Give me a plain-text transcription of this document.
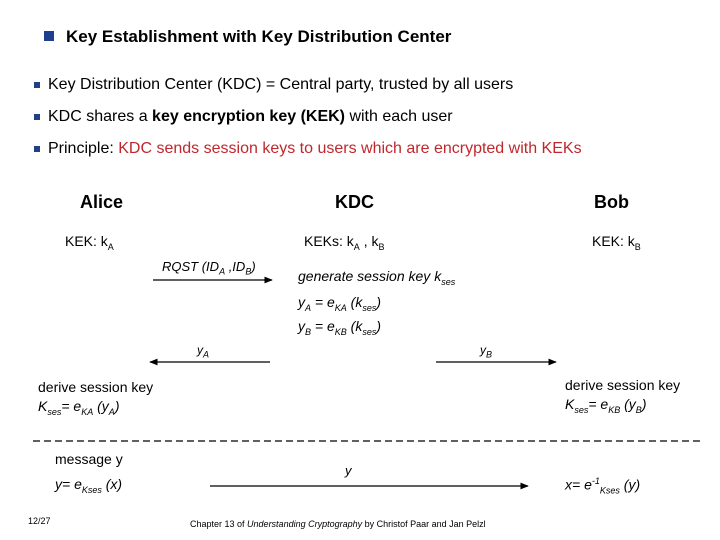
Key Establishment with Key Distribution Center
Key Distribution Center (KDC) = Central party, trusted by all users
KDC shares a key encryption key (KEK) with each user
Principle: KDC sends session keys to users which are encrypted with KEKs
Alice	KDC	Bob
KEK: $k_A$	KEKs: $k_A$ , $k_B$	KEK: $k_B$
RQST ($ID_A$ $,ID_B$)
generate session key $k_{ses}$
$y_A = e_{KA}$ $(k_{ses})$
$y_B = e_{KB}$ $(k_{ses})$
$y_A$	$y_B$
derive session key
$K_{ses}= e_{KA}$ $(y_A)$
derive session key
$K_{ses}= e_{KB}$ $(y_B)$
message y
$y= e_{Kses}$ (x)
y
$x= e^{-1}_{Kses}$ (y)
12/27	Chapter 13 of Understanding Cryptography by Christof Paar and Jan Pelzl
